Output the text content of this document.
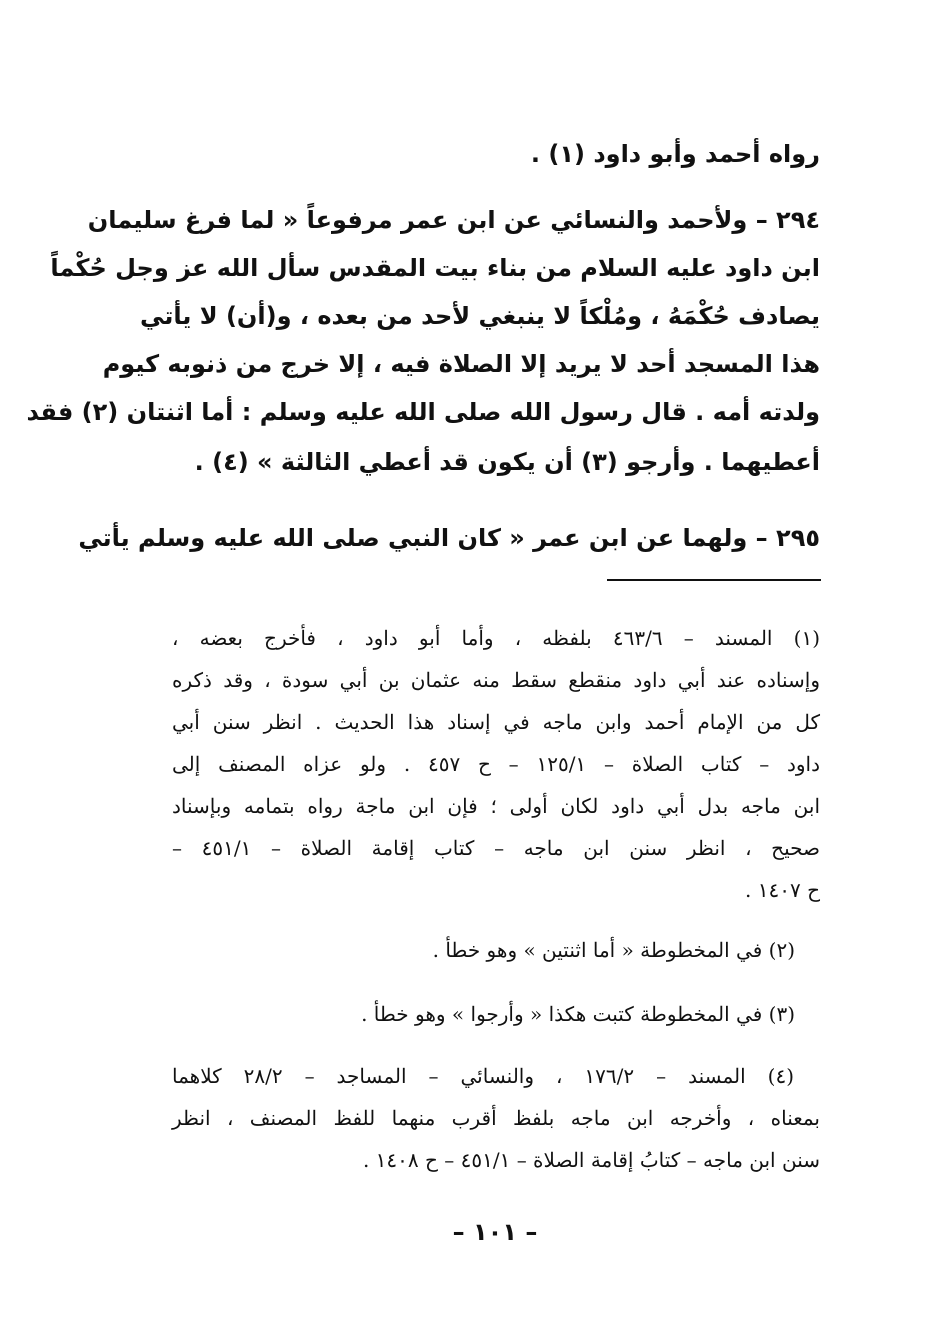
رواه أحمد وأبو داود (١) .
٢٩٤ – ولأحمد والنسائي عن ابن عمر مرفوعاً « لما فرغ سليمان
ابن داود عليه السلام من بناء بيت المقدس سأل الله عز وجل حُكْماً
يصادف حُكْمَهُ ، ومُلْكاً لا ينبغي لأحد من بعده ، و(أن) لا يأتي
هذا المسجد أحد لا يريد إلا الصلاة فيه ، إلا خرج من ذنوبه كيوم
ولدته أمه . قال رسول الله صلى الله عليه وسلم : أما اثنتان (٢) فقد
أعطيهما . وأرجو (٣) أن يكون قد أعطي الثالثة » (٤) .
٢٩٥ – ولهما عن ابن عمر « كان النبي صلى الله عليه وسلم يأتي
(١) المسند – ٤٦٣/٦ بلفظه ، وأما أبو داود ، فأخرج بعضه ،
وإسناده عند أبي داود منقطع سقط منه عثمان بن أبي سودة ، وقد ذكره
كل من الإمام أحمد وابن ماجه في إسناد هذا الحديث . انظر سنن أبي
داود – كتاب الصلاة – ١٢٥/١ – ح ٤٥٧ . ولو عزاه المصنف إلى
ابن ماجه بدل أبي داود لكان أولى ؛ فإن ابن ماجة رواه بتمامه وبإسناد
صحيح ، انظر سنن ابن ماجه – كتاب إقامة الصلاة – ٤٥١/١ –
ح ١٤٠٧ .
(٢) في المخطوطة « أما اثنتين » وهو خطأ .
(٣) في المخطوطة كتبت هكذا « وأرجوا » وهو خطأ .
(٤) المسند – ١٧٦/٢ ، والنسائي – المساجد – ٢٨/٢ كلاهما
بمعناه ، وأخرجه ابن ماجه بلفظ أقرب منهما للفظ المصنف ، انظر
سنن ابن ماجه – كتابُ إقامة الصلاة – ٤٥١/١ – ح ١٤٠٨ .
– ١٠١ –
